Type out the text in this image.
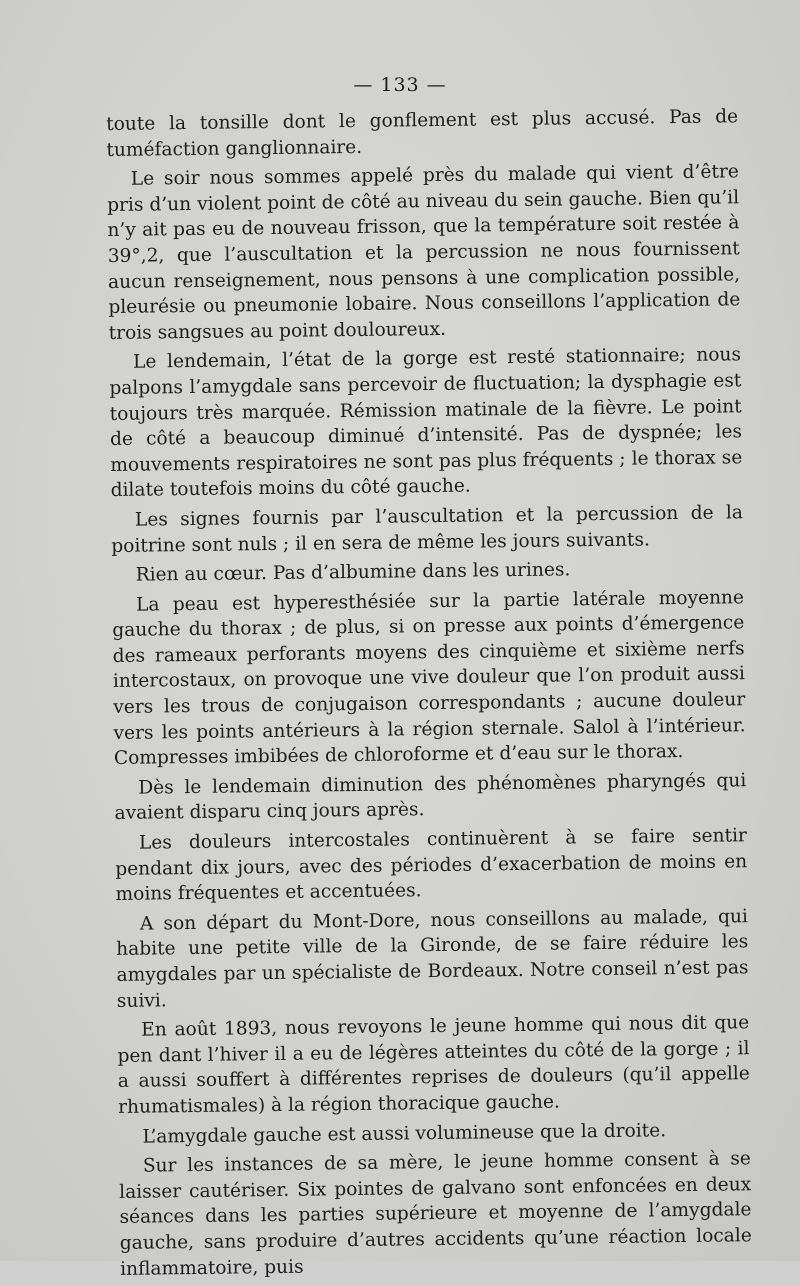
— 133 —

toute la tonsille dont le gonflement est plus accusé. Pas de tuméfaction ganglionnaire.

Le soir nous sommes appelé près du malade qui vient d’être pris d’un violent point de côté au niveau du sein gauche. Bien qu’il n’y ait pas eu de nouveau frisson, que la température soit restée à 39°,2, que l’auscultation et la percussion ne nous fournissent aucun renseignement, nous pensons à une complication possible, pleurésie ou pneumonie lobaire. Nous conseillons l’application de trois sangsues au point douloureux.

Le lendemain, l’état de la gorge est resté stationnaire; nous palpons l’amygdale sans percevoir de fluctuation; la dysphagie est toujours très marquée. Rémission matinale de la fièvre. Le point de côté a beaucoup diminué d’intensité. Pas de dyspnée; les mouvements respiratoires ne sont pas plus fréquents ; le thorax se dilate toutefois moins du côté gauche.

Les signes fournis par l’auscultation et la percussion de la poitrine sont nuls ; il en sera de même les jours suivants.

Rien au cœur. Pas d’albumine dans les urines.

La peau est hyperesthésiée sur la partie latérale moyenne gauche du thorax ; de plus, si on presse aux points d’émergence des rameaux perforants moyens des cinquième et sixième nerfs intercostaux, on provoque une vive douleur que l’on produit aussi vers les trous de conjugaison correspondants ; aucune douleur vers les points antérieurs à la région sternale. Salol à l’intérieur. Compresses imbibées de chloroforme et d’eau sur le thorax.

Dès le lendemain diminution des phénomènes pharyngés qui avaient disparu cinq jours après.

Les douleurs intercostales continuèrent à se faire sentir pendant dix jours, avec des périodes d’exacerbation de moins en moins fréquentes et accentuées.

A son départ du Mont-Dore, nous conseillons au malade, qui habite une petite ville de la Gironde, de se faire réduire les amygdales par un spécialiste de Bordeaux. Notre conseil n’est pas suivi.

En août 1893, nous revoyons le jeune homme qui nous dit que pen dant l’hiver il a eu de légères atteintes du côté de la gorge ; il a aussi souffert à différentes reprises de douleurs (qu’il appelle rhumatismales) à la région thoracique gauche.

L’amygdale gauche est aussi volumineuse que la droite.

Sur les instances de sa mère, le jeune homme consent à se laisser cautériser. Six pointes de galvano sont enfoncées en deux séances dans les parties supérieure et moyenne de l’amygdale gauche, sans produire d’autres accidents qu’une réaction locale inflammatoire, puis
